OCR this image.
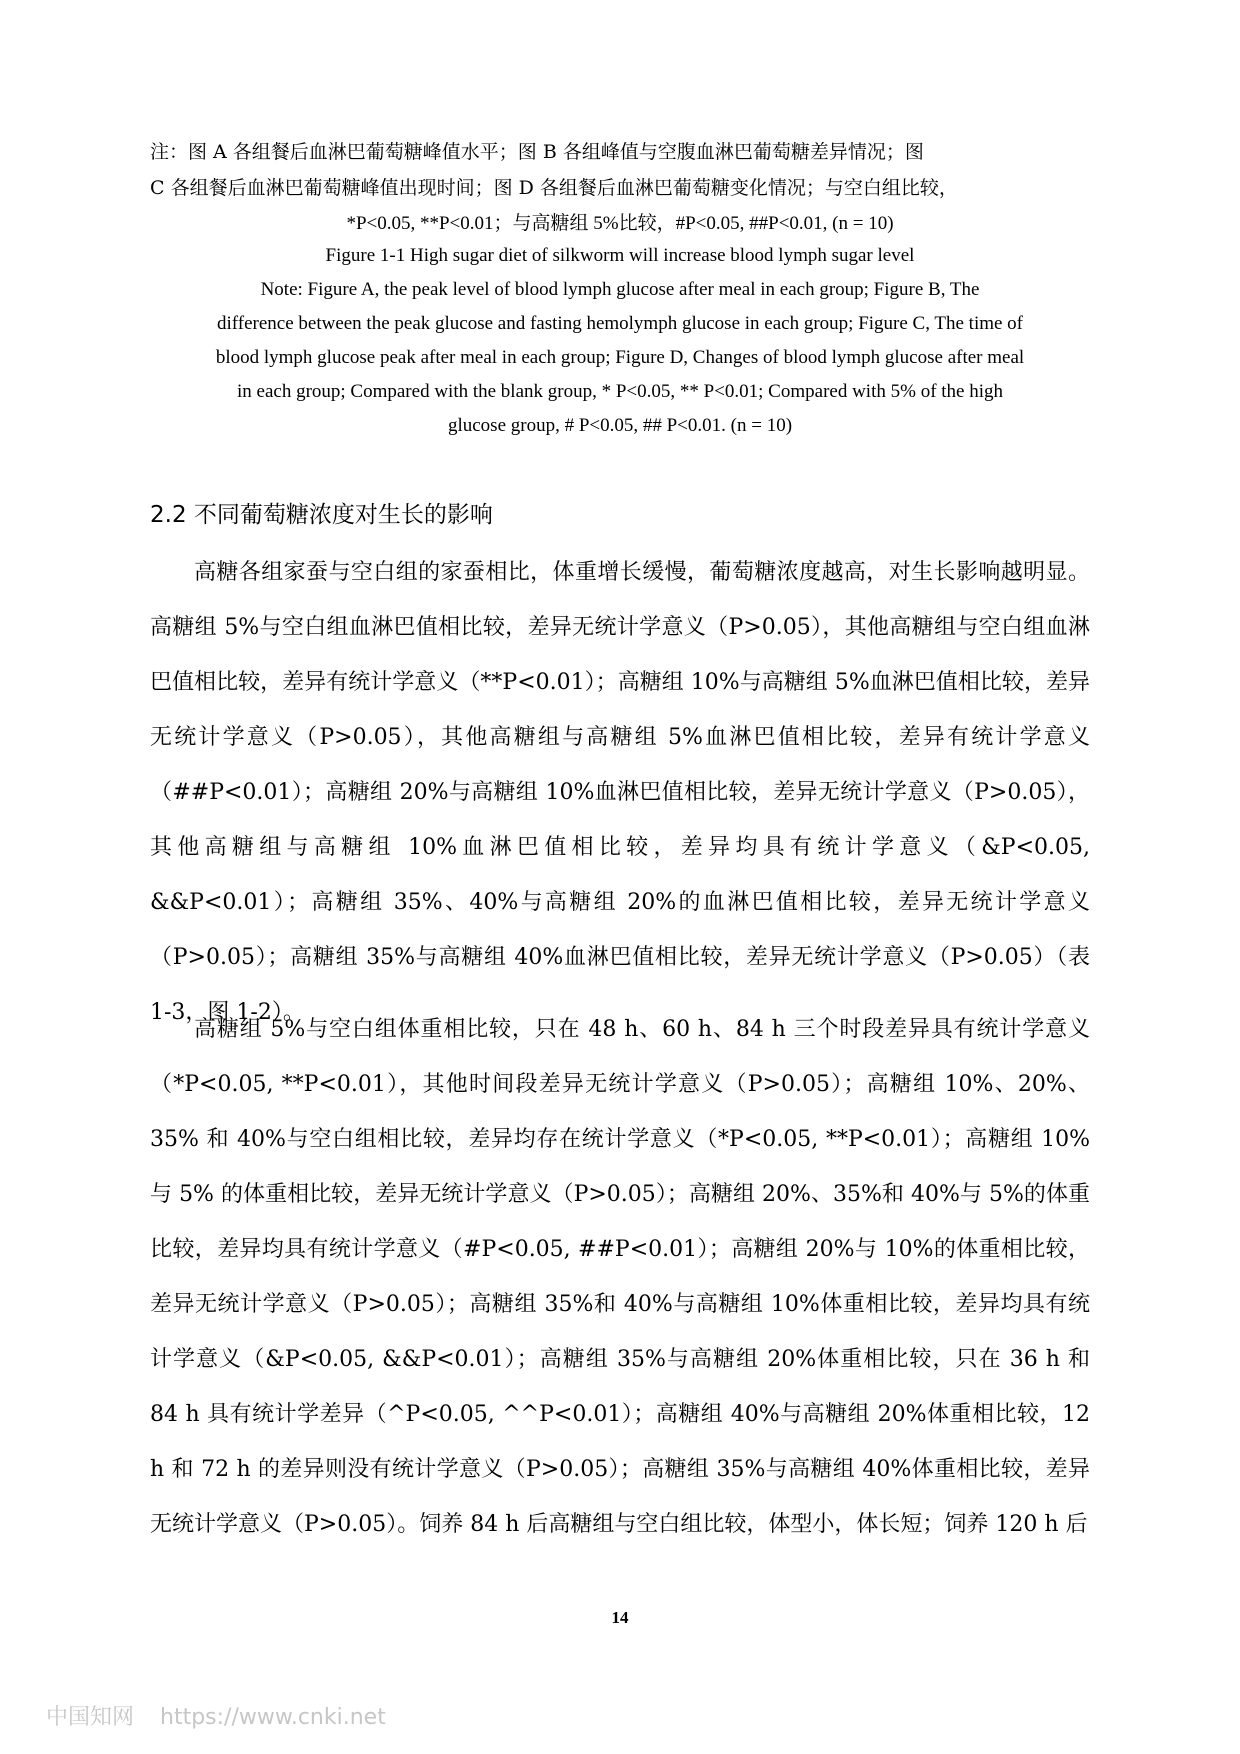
注：图 A 各组餐后血淋巴葡萄糖峰值水平；图 B 各组峰值与空腹血淋巴葡萄糖差异情况；图
C 各组餐后血淋巴葡萄糖峰值出现时间；图 D 各组餐后血淋巴葡萄糖变化情况；与空白组比较，
*P<0.05, **P<0.01；与高糖组 5%比较，#P<0.05, ##P<0.01, (n = 10)
Figure 1-1 High sugar diet of silkworm will increase blood lymph sugar level
Note: Figure A, the peak level of blood lymph glucose after meal in each group; Figure B, The
difference between the peak glucose and fasting hemolymph glucose in each group; Figure C, The time of
blood lymph glucose peak after meal in each group; Figure D, Changes of blood lymph glucose after meal
in each group; Compared with the blank group, * P<0.05, ** P<0.01; Compared with 5% of the high
glucose group, # P<0.05, ## P<0.01. (n = 10)
2.2 不同葡萄糖浓度对生长的影响
高糖各组家蚕与空白组的家蚕相比，体重增长缓慢，葡萄糖浓度越高，对生长影响越明显。高糖组 5%与空白组血淋巴值相比较，差异无统计学意义（P>0.05），其他高糖组与空白组血淋巴值相比较，差异有统计学意义（**P<0.01）；高糖组 10%与高糖组 5%血淋巴值相比较，差异无统计学意义（P>0.05），其他高糖组与高糖组 5%血淋巴值相比较，差异有统计学意义（##P<0.01）；高糖组 20%与高糖组 10%血淋巴值相比较，差异无统计学意义（P>0.05），其他高糖组与高糖组 10%血淋巴值相比较，差异均具有统计学意义（&P<0.05, &&P<0.01）；高糖组 35%、40%与高糖组 20%的血淋巴值相比较，差异无统计学意义（P>0.05）；高糖组 35%与高糖组 40%血淋巴值相比较，差异无统计学意义（P>0.05）（表 1-3，图 1-2）。
高糖组 5%与空白组体重相比较，只在 48 h、60 h、84 h 三个时段差异具有统计学意义（*P<0.05, **P<0.01），其他时间段差异无统计学意义（P>0.05）；高糖组 10%、20%、35% 和 40%与空白组相比较，差异均存在统计学意义（*P<0.05, **P<0.01）；高糖组 10%与 5% 的体重相比较，差异无统计学意义（P>0.05）；高糖组 20%、35%和 40%与 5%的体重比较，差异均具有统计学意义（#P<0.05, ##P<0.01）；高糖组 20%与 10%的体重相比较，差异无统计学意义（P>0.05）；高糖组 35%和 40%与高糖组 10%体重相比较，差异均具有统计学意义（&P<0.05, &&P<0.01）；高糖组 35%与高糖组 20%体重相比较，只在 36 h 和 84 h 具有统计学差异（^P<0.05, ^^P<0.01）；高糖组 40%与高糖组 20%体重相比较，12 h 和 72 h 的差异则没有统计学意义（P>0.05）；高糖组 35%与高糖组 40%体重相比较，差异无统计学意义（P>0.05）。饲养 84 h 后高糖组与空白组比较，体型小，体长短；饲养 120 h 后
14
中国知网 https://www.cnki.net
